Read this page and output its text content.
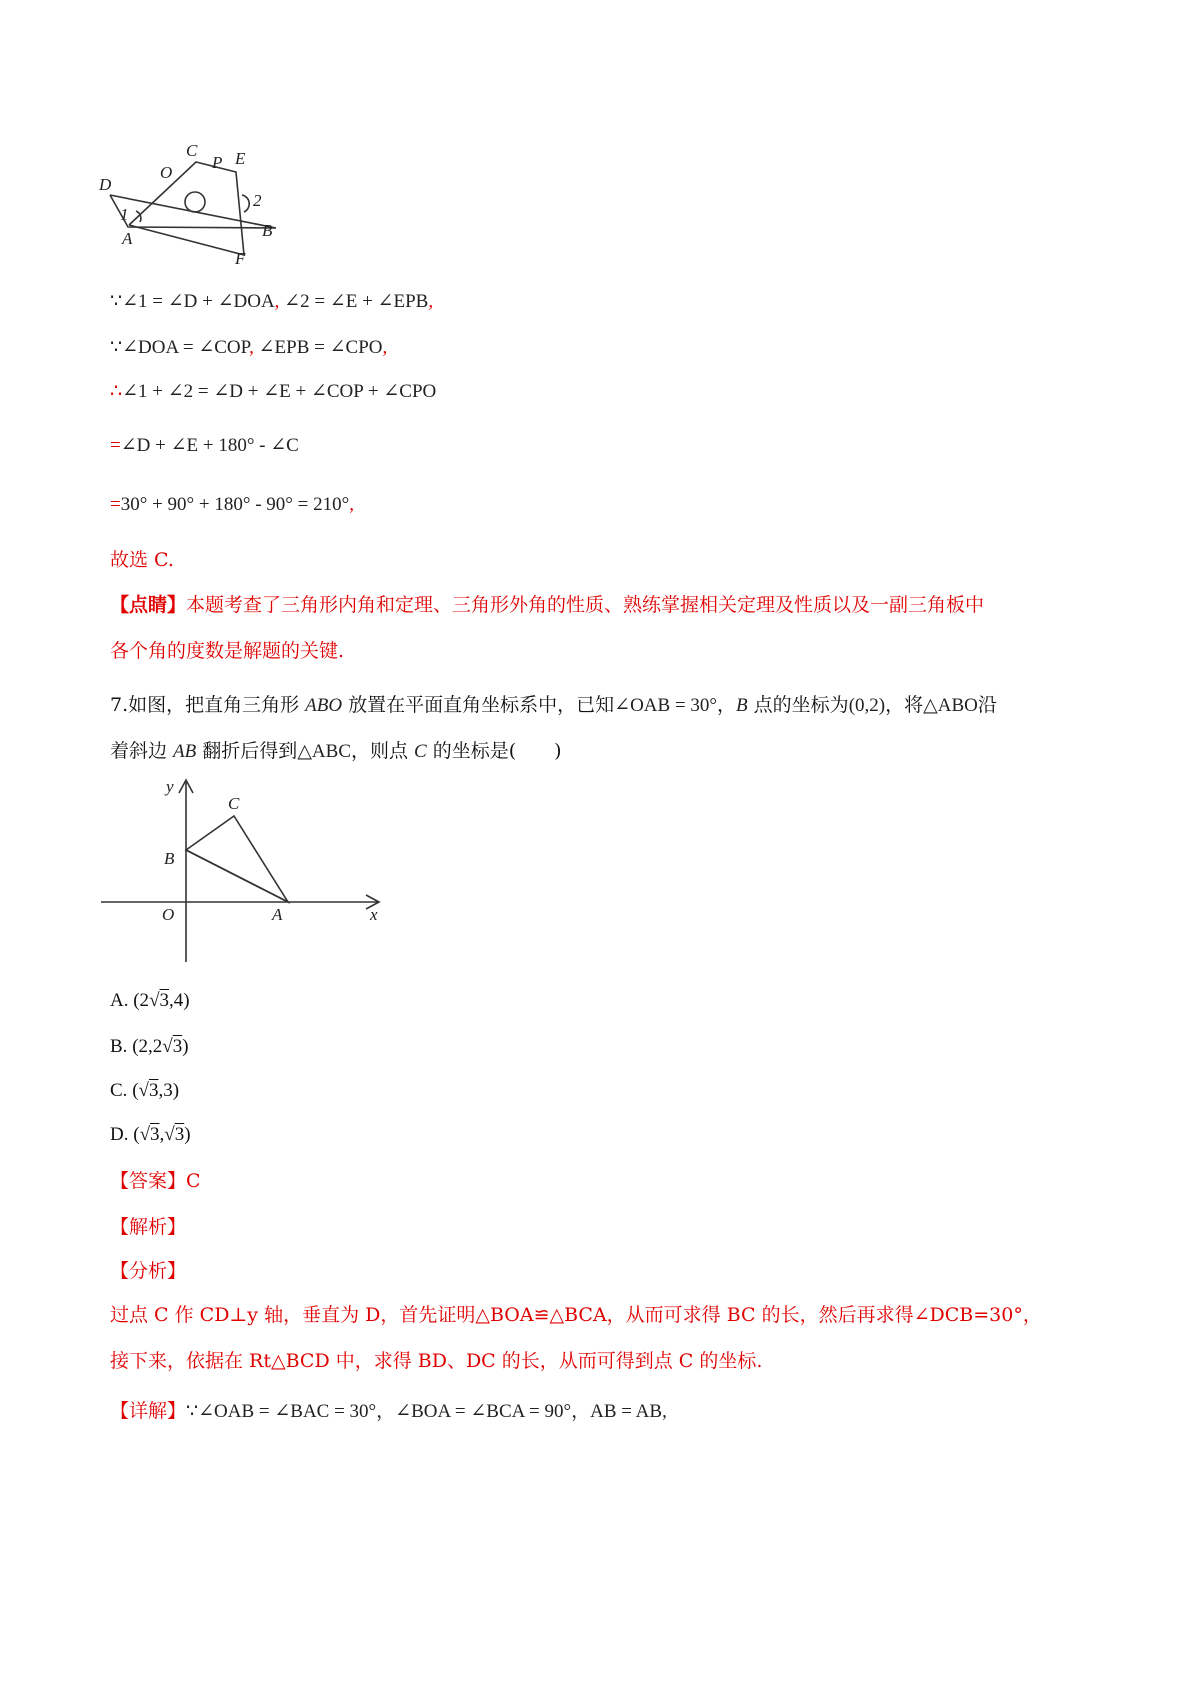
C
P E
O
D
2
1
A	B
F
∵∠1 = ∠D + ∠DOA, ∠2 = ∠E + ∠EPB,
∵∠DOA = ∠COP, ∠EPB = ∠CPO,
∴∠1 + ∠2 = ∠D + ∠E + ∠COP + ∠CPO
=∠D + ∠E + 180° - ∠C
=30° + 90° + 180° - 90° = 210°,
故选 C.
【点睛】本题考查了三角形内角和定理、三角形外角的性质、熟练掌握相关定理及性质以及一副三角板中
各个角的度数是解题的关键.
7.如图，把直角三角形 ABO 放置在平面直角坐标系中，已知∠OAB = 30°，B 点的坐标为(0,2)，将△ABO沿
着斜边 AB 翻折后得到△ABC，则点 C 的坐标是(　　)
y
C
B
O	A	x
A. (2√3,4)
B. (2,2√3)
C. (√3,3)
D. (√3,√3)
【答案】C
【解析】
【分析】
过点 C 作 CD⊥y 轴，垂直为 D，首先证明△BOA≌△BCA，从而可求得 BC 的长，然后再求得∠DCB=30°，
接下来，依据在 Rt△BCD 中，求得 BD、DC 的长，从而可得到点 C 的坐标.
【详解】∵∠OAB = ∠BAC = 30°，∠BOA = ∠BCA = 90°，AB = AB,
